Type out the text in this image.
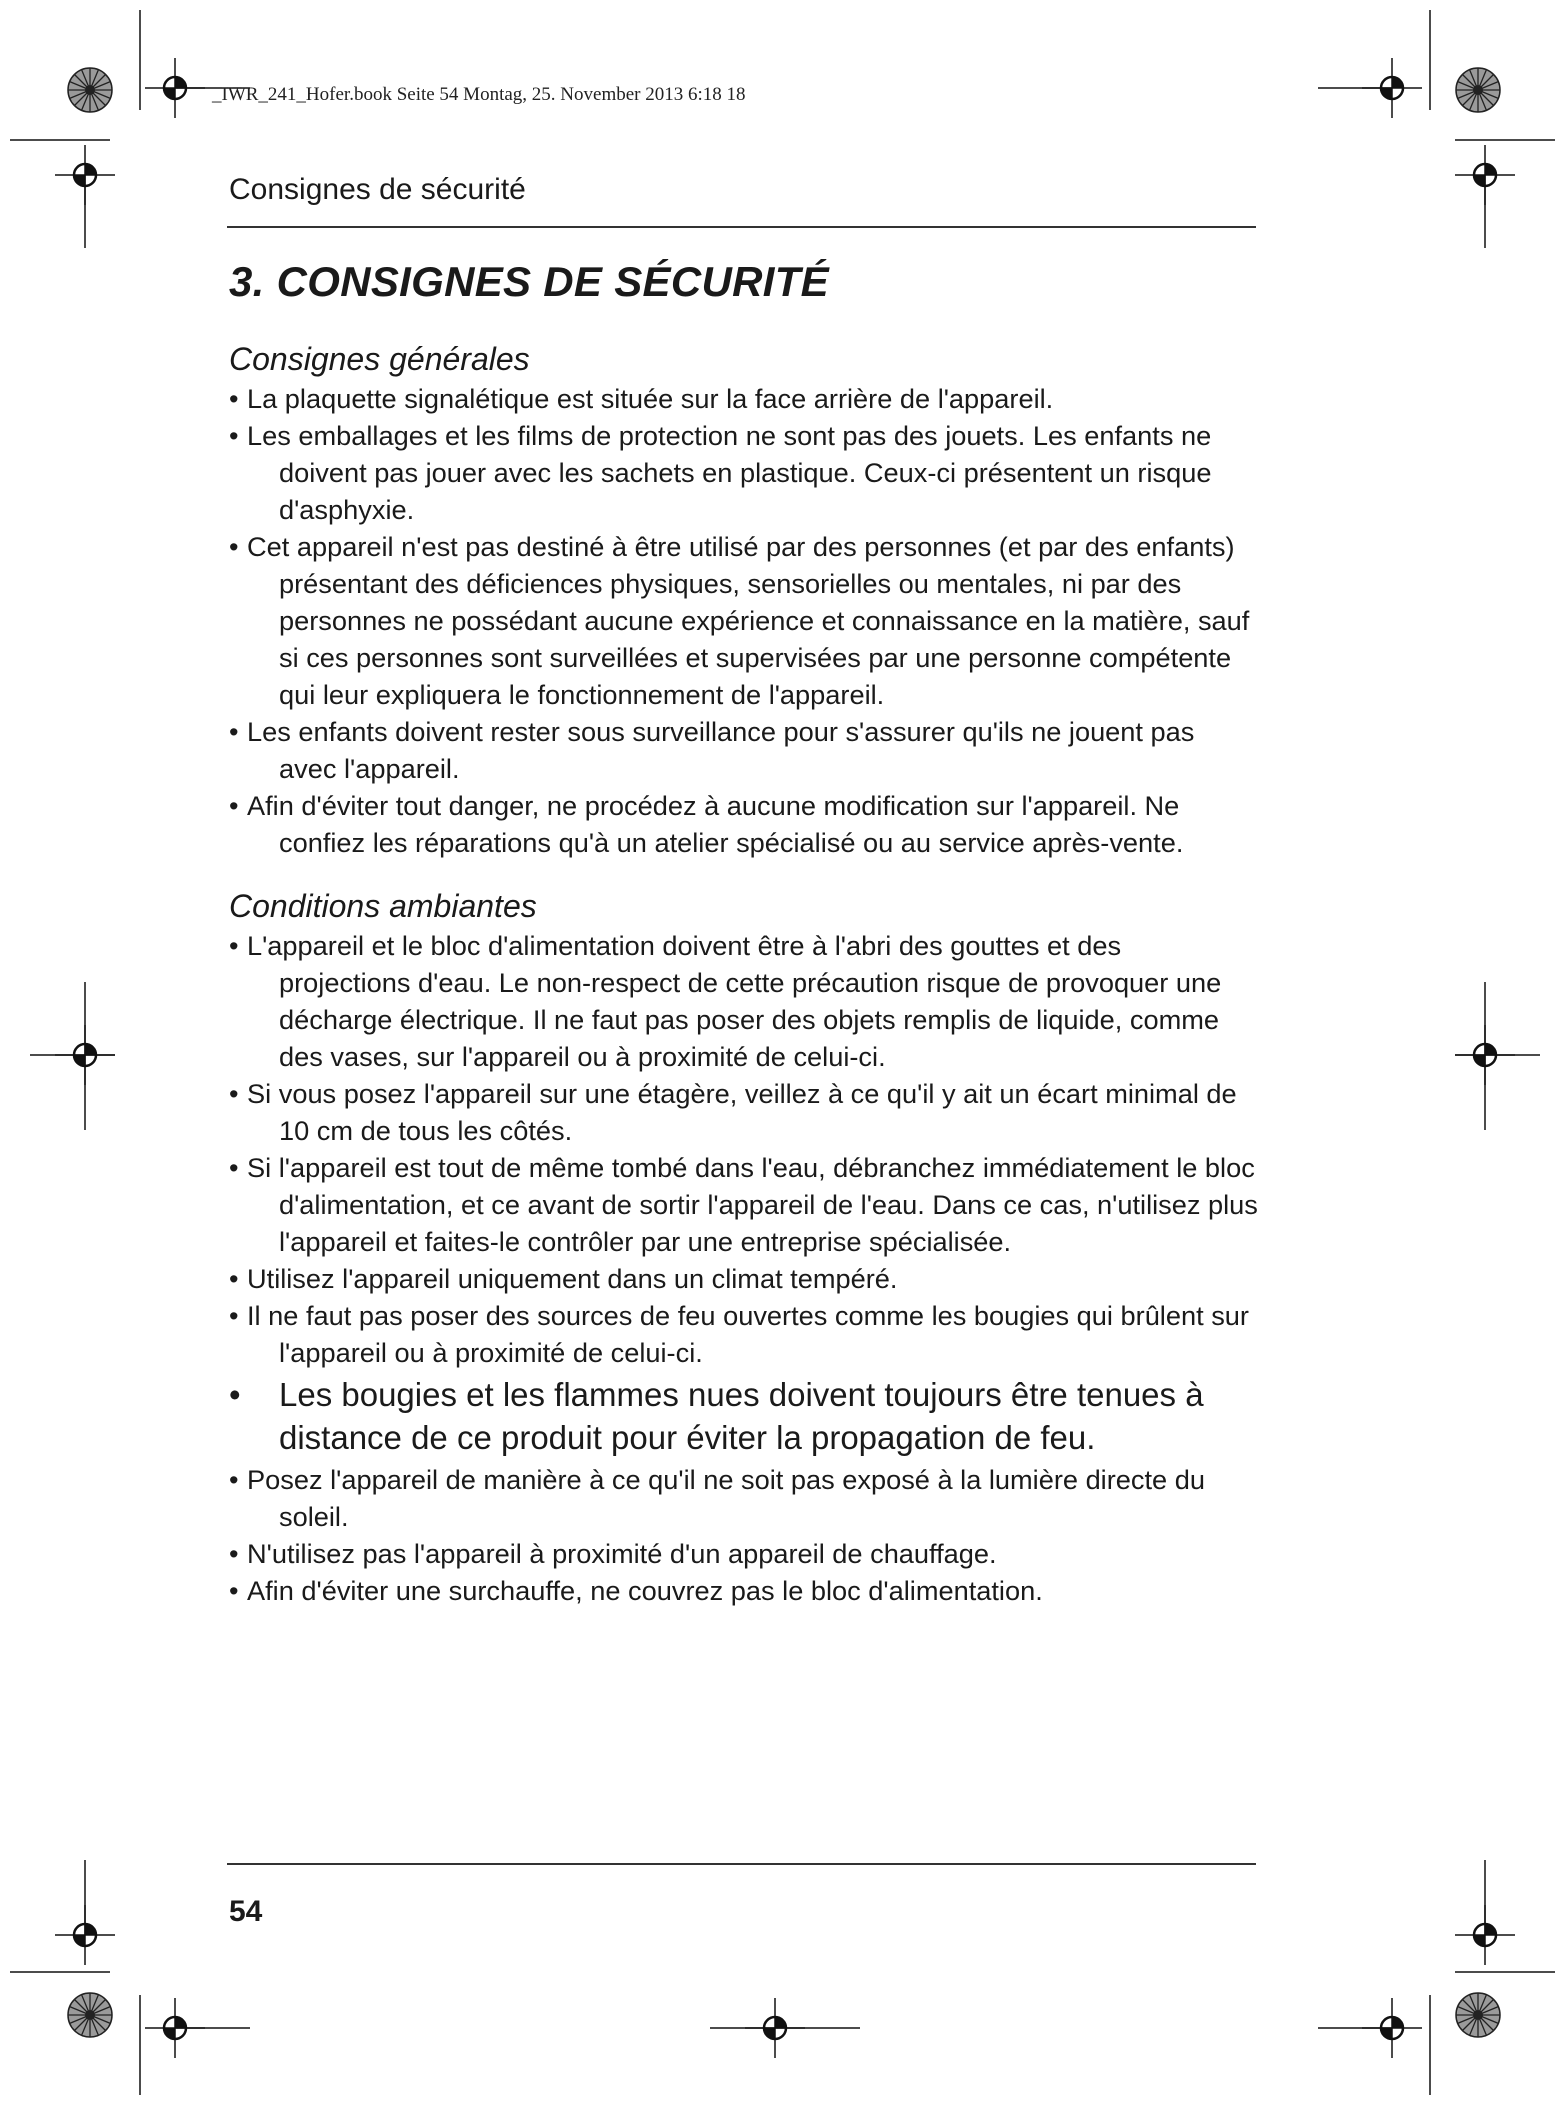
_IWR_241_Hofer.book Seite 54 Montag, 25. November 2013 6:18 18
Consignes de sécurité
3. CONSIGNES DE SÉCURITÉ
Consignes générales
• La plaquette signalétique est située sur la face arrière de l'appareil.
• Les emballages et les films de protection ne sont pas des jouets. Les enfants ne doivent pas jouer avec les sachets en plastique. Ceux-ci présentent un risque d'asphyxie.
• Cet appareil n'est pas destiné à être utilisé par des personnes (et par des enfants) présentant des déficiences physiques, sensorielles ou mentales, ni par des personnes ne possédant aucune expérience et connaissance en la matière, sauf si ces personnes sont surveillées et supervisées par une personne compétente qui leur expliquera le fonctionnement de l'appareil.
• Les enfants doivent rester sous surveillance pour s'assurer qu'ils ne jouent pas avec l'appareil.
• Afin d'éviter tout danger, ne procédez à aucune modification sur l'appareil. Ne confiez les réparations qu'à un atelier spécialisé ou au service après-vente.
Conditions ambiantes
• L'appareil et le bloc d'alimentation doivent être à l'abri des gouttes et des projections d'eau. Le non-respect de cette précaution risque de provoquer une décharge électrique. Il ne faut pas poser des objets remplis de liquide, comme des vases, sur l'appareil ou à proximité de celui-ci.
• Si vous posez l'appareil sur une étagère, veillez à ce qu'il y ait un écart minimal de 10 cm de tous les côtés.
• Si l'appareil est tout de même tombé dans l'eau, débranchez immédiatement le bloc d'alimentation, et ce avant de sortir l'appareil de l'eau. Dans ce cas, n'utilisez plus l'appareil et faites-le contrôler par une entreprise spécialisée.
• Utilisez l'appareil uniquement dans un climat tempéré.
• Il ne faut pas poser des sources de feu ouvertes comme les bougies qui brûlent sur l'appareil ou à proximité de celui-ci.
• Les bougies et les flammes nues doivent toujours être tenues à distance de ce produit pour éviter la propagation de feu.
• Posez l'appareil de manière à ce qu'il ne soit pas exposé à la lumière directe du soleil.
• N'utilisez pas l'appareil à proximité d'un appareil de chauffage.
• Afin d'éviter une surchauffe, ne couvrez pas le bloc d'alimentation.
54
